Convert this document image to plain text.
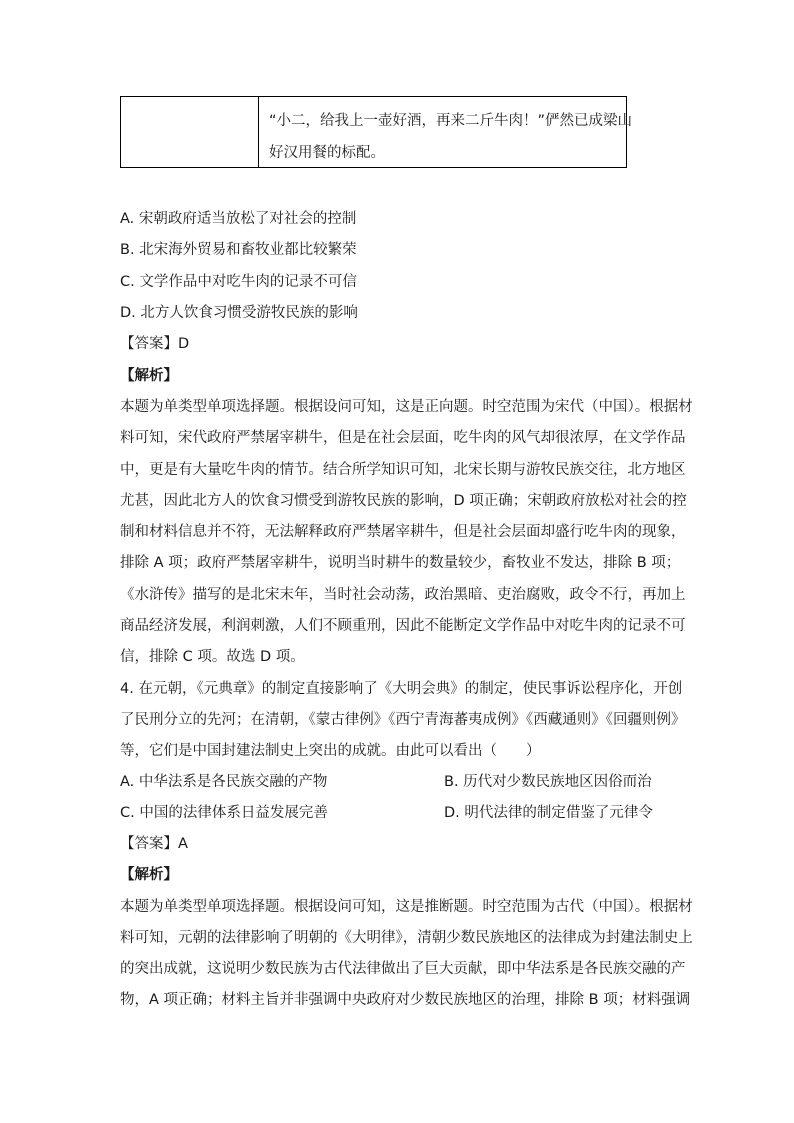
“小二，给我上一壶好酒，再来二斤牛肉！”俨然已成梁山
好汉用餐的标配。
A. 宋朝政府适当放松了对社会的控制
B. 北宋海外贸易和畜牧业都比较繁荣
C. 文学作品中对吃牛肉的记录不可信
D. 北方人饮食习惯受游牧民族的影响
【答案】D
【解析】
本题为单类型单项选择题。根据设问可知，这是正向题。时空范围为宋代（中国）。根据材
料可知，宋代政府严禁屠宰耕牛，但是在社会层面，吃牛肉的风气却很浓厚，在文学作品
中，更是有大量吃牛肉的情节。结合所学知识可知，北宋长期与游牧民族交往，北方地区
尤甚，因此北方人的饮食习惯受到游牧民族的影响，D 项正确；宋朝政府放松对社会的控
制和材料信息并不符，无法解释政府严禁屠宰耕牛，但是社会层面却盛行吃牛肉的现象，
排除 A 项；政府严禁屠宰耕牛，说明当时耕牛的数量较少，畜牧业不发达，排除 B 项；
《水浒传》描写的是北宋末年，当时社会动荡，政治黑暗、吏治腐败，政令不行，再加上
商品经济发展，利润刺激，人们不顾重刑，因此不能断定文学作品中对吃牛肉的记录不可
信，排除 C 项。故选 D 项。
4. 在元朝，《元典章》的制定直接影响了《大明会典》的制定，使民事诉讼程序化，开创
了民刑分立的先河；在清朝，《蒙古律例》《西宁青海蕃夷成例》《西藏通则》《回疆则例》
等，它们是中国封建法制史上突出的成就。由此可以看出（　　）
A. 中华法系是各民族交融的产物	B. 历代对少数民族地区因俗而治
C. 中国的法律体系日益发展完善	D. 明代法律的制定借鉴了元律令
【答案】A
【解析】
本题为单类型单项选择题。根据设问可知，这是推断题。时空范围为古代（中国）。根据材
料可知，元朝的法律影响了明朝的《大明律》，清朝少数民族地区的法律成为封建法制史上
的突出成就，这说明少数民族为古代法律做出了巨大贡献，即中华法系是各民族交融的产
物，A 项正确；材料主旨并非强调中央政府对少数民族地区的治理，排除 B 项；材料强调
